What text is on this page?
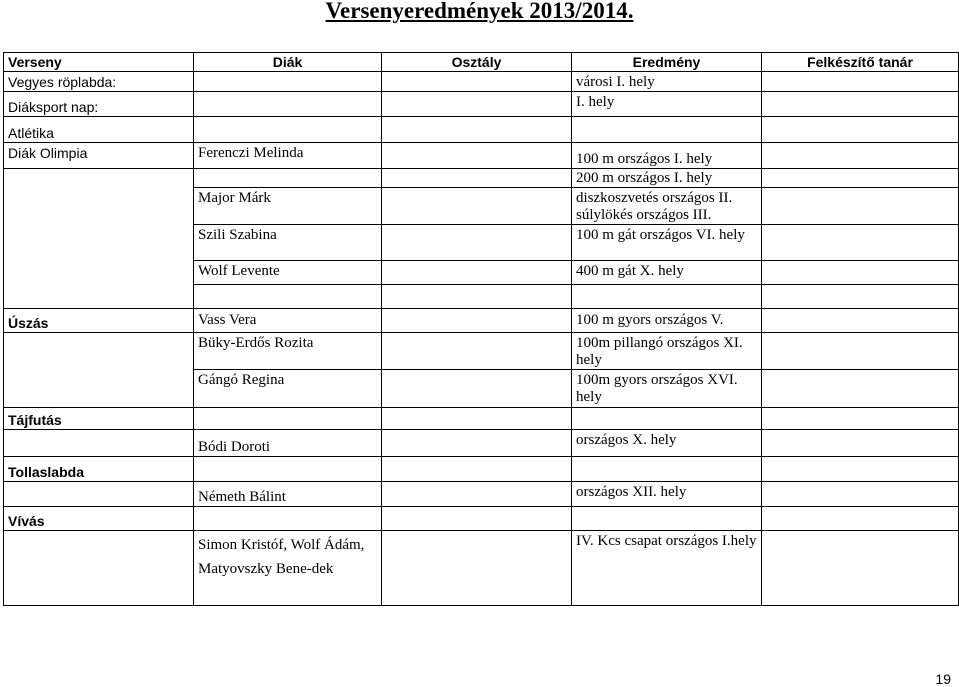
Versenyeredmények 2013/2014.
Verseny	Diák	Osztály	Eredmény	Felkészítő tanár
Vegyes röplabda:			városi I. hely	
Diáksport nap:			I. hely	
Atlétika				
Diák Olimpia	Ferenczi Melinda		100 m országos I. hely	
			200 m országos I. hely	
	Major Márk		diszkoszvetés országos II. súlylökés országos III.	
	Szili Szabina		100 m gát országos VI. hely	
	Wolf Levente		400 m gát X. hely	

Úszás	Vass Vera		100 m gyors országos V.	
	Büky-Erdős Rozita		100m pillangó országos XI. hely	
	Gángó Regina		100m gyors országos XVI. hely	
Tájfutás				
	Bódi Doroti		országos X. hely	
Tollaslabda				
	Németh Bálint		országos XII. hely	
Vívás				
	Simon Kristóf, Wolf Ádám, Matyovszky Bene-dek		IV. Kcs csapat országos I.hely	
19
